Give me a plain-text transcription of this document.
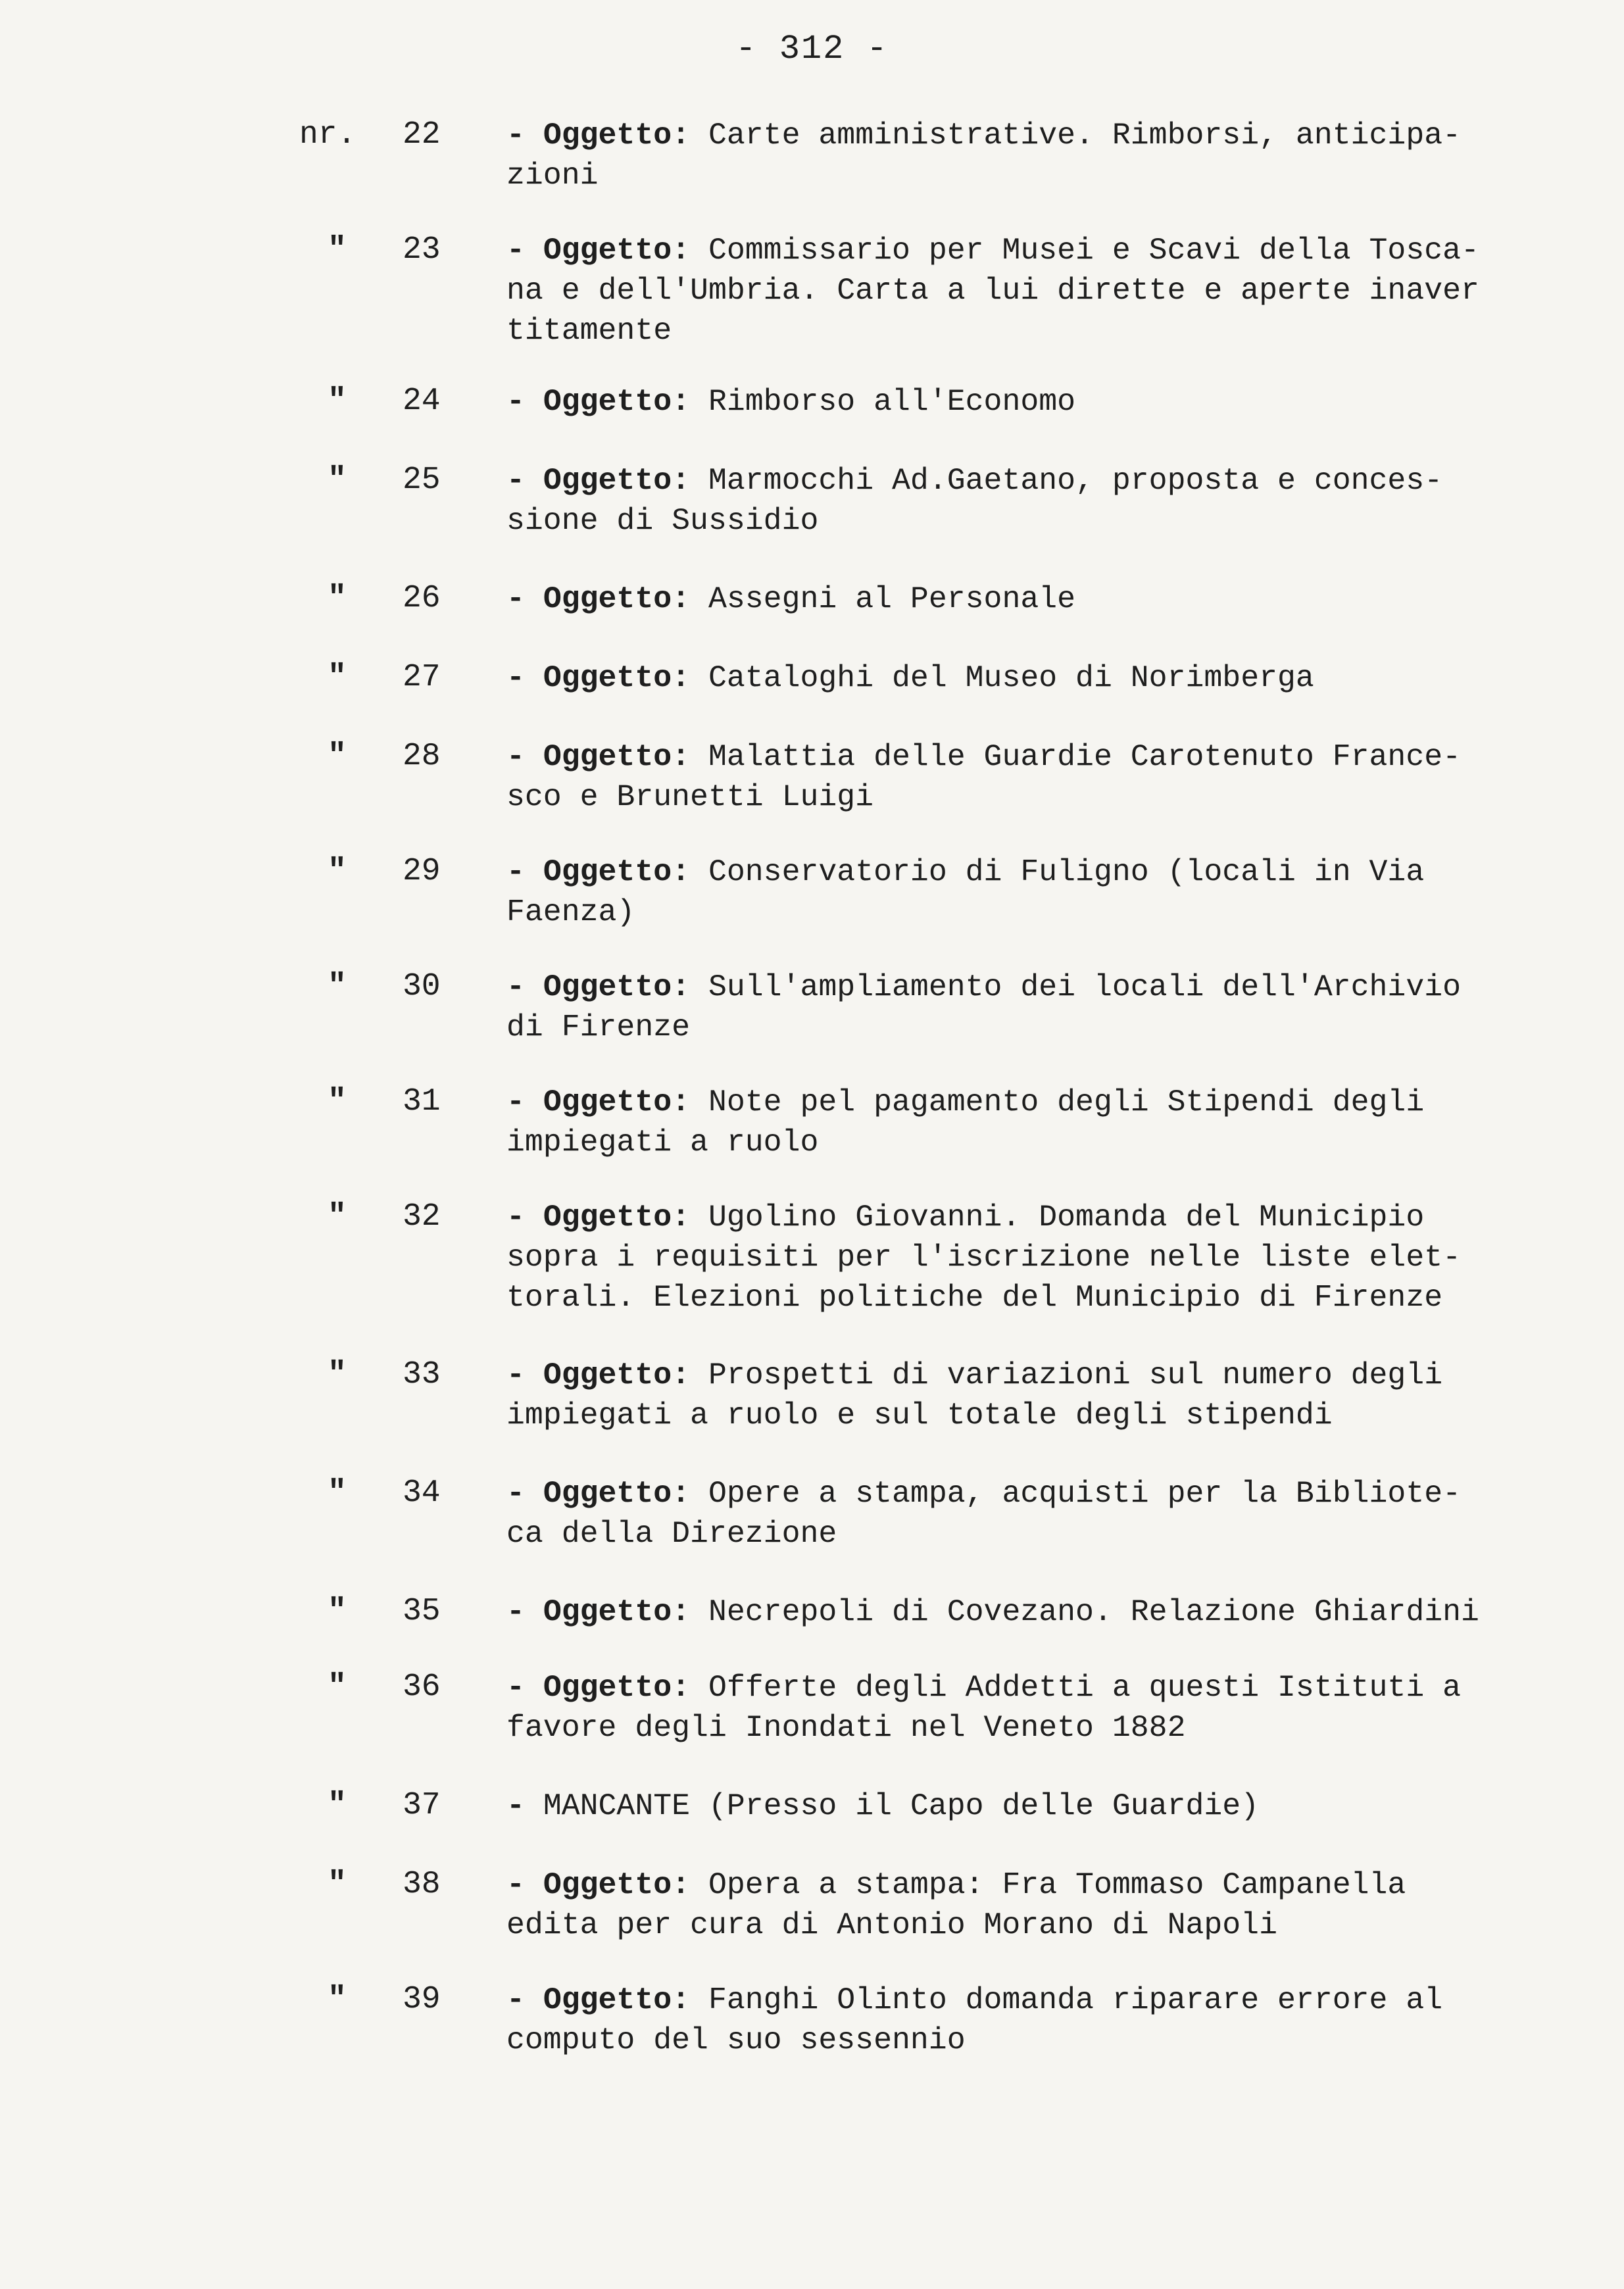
- 312 -
nr. 22 - Oggetto: Carte amministrative. Rimborsi, anticipa-
zioni
" 23 - Oggetto: Commissario per Musei e Scavi della Tosca-
na e dell'Umbria. Carta a lui dirette e aperte inaver
titamente
" 24 - Oggetto: Rimborso all'Economo
" 25 - Oggetto: Marmocchi Ad.Gaetano, proposta e conces-
sione di Sussidio
" 26 - Oggetto: Assegni al Personale
" 27 - Oggetto: Cataloghi del Museo di Norimberga
" 28 - Oggetto: Malattia delle Guardie Carotenuto France-
sco e Brunetti Luigi
" 29 - Oggetto: Conservatorio di Fuligno (locali in Via
Faenza)
" 30 - Oggetto: Sull'ampliamento dei locali dell'Archivio
di Firenze
" 31 - Oggetto: Note pel pagamento degli Stipendi degli
impiegati a ruolo
" 32 - Oggetto: Ugolino Giovanni. Domanda del Municipio
sopra i requisiti per l'iscrizione nelle liste elet-
torali. Elezioni politiche del Municipio di Firenze
" 33 - Oggetto: Prospetti di variazioni sul numero degli
impiegati a ruolo e sul totale degli stipendi
" 34 - Oggetto: Opere a stampa, acquisti per la Bibliote-
ca della Direzione
" 35 - Oggetto: Necrepoli di Covezano. Relazione Ghiardini
" 36 - Oggetto: Offerte degli Addetti a questi Istituti a
favore degli Inondati nel Veneto 1882
" 37 - MANCANTE (Presso il Capo delle Guardie)
" 38 - Oggetto: Opera a stampa: Fra Tommaso Campanella
edita per cura di Antonio Morano di Napoli
" 39 - Oggetto: Fanghi Olinto domanda riparare errore al
computo del suo sessennio
